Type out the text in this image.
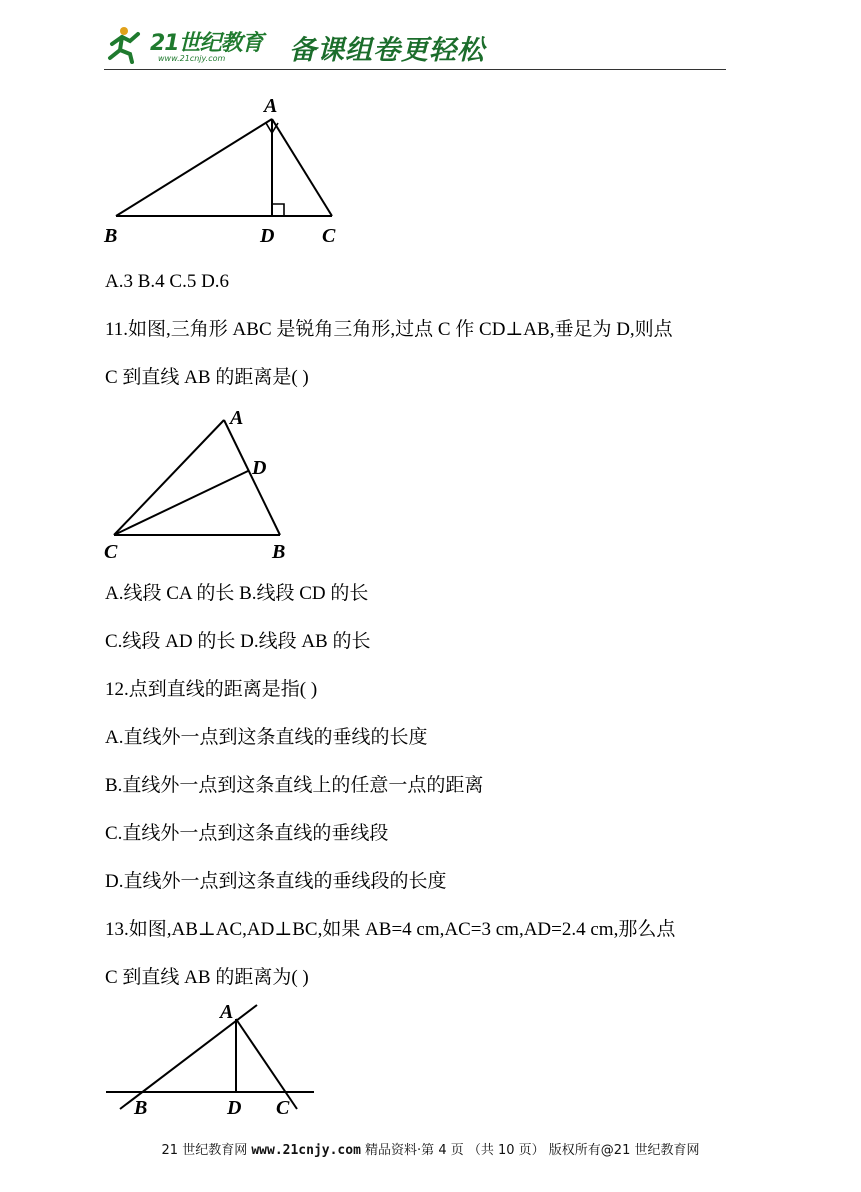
21世纪教育
www.21cnjy.com 备课组卷更轻松
A
B	D C
A.3 B.4 C.5 D.6
11.如图,三角形 ABC 是锐角三角形,过点 C 作 CD⊥AB,垂足为 D,则点
C 到直线 AB 的距离是( )
A
D
C	B
A.线段 CA 的长 B.线段 CD 的长
C.线段 AD 的长 D.线段 AB 的长
12.点到直线的距离是指( )
A.直线外一点到这条直线的垂线的长度
B.直线外一点到这条直线上的任意一点的距离
C.直线外一点到这条直线的垂线段
D.直线外一点到这条直线的垂线段的长度
13.如图,AB⊥AC,AD⊥BC,如果 AB=4 cm,AC=3 cm,AD=2.4 cm,那么点
C 到直线 AB 的距离为( )
A
B	D C
21 世纪教育网 www.21cnjy.com 精品资料·第 4 页 （共 10 页） 版权所有@21 世纪教育网
